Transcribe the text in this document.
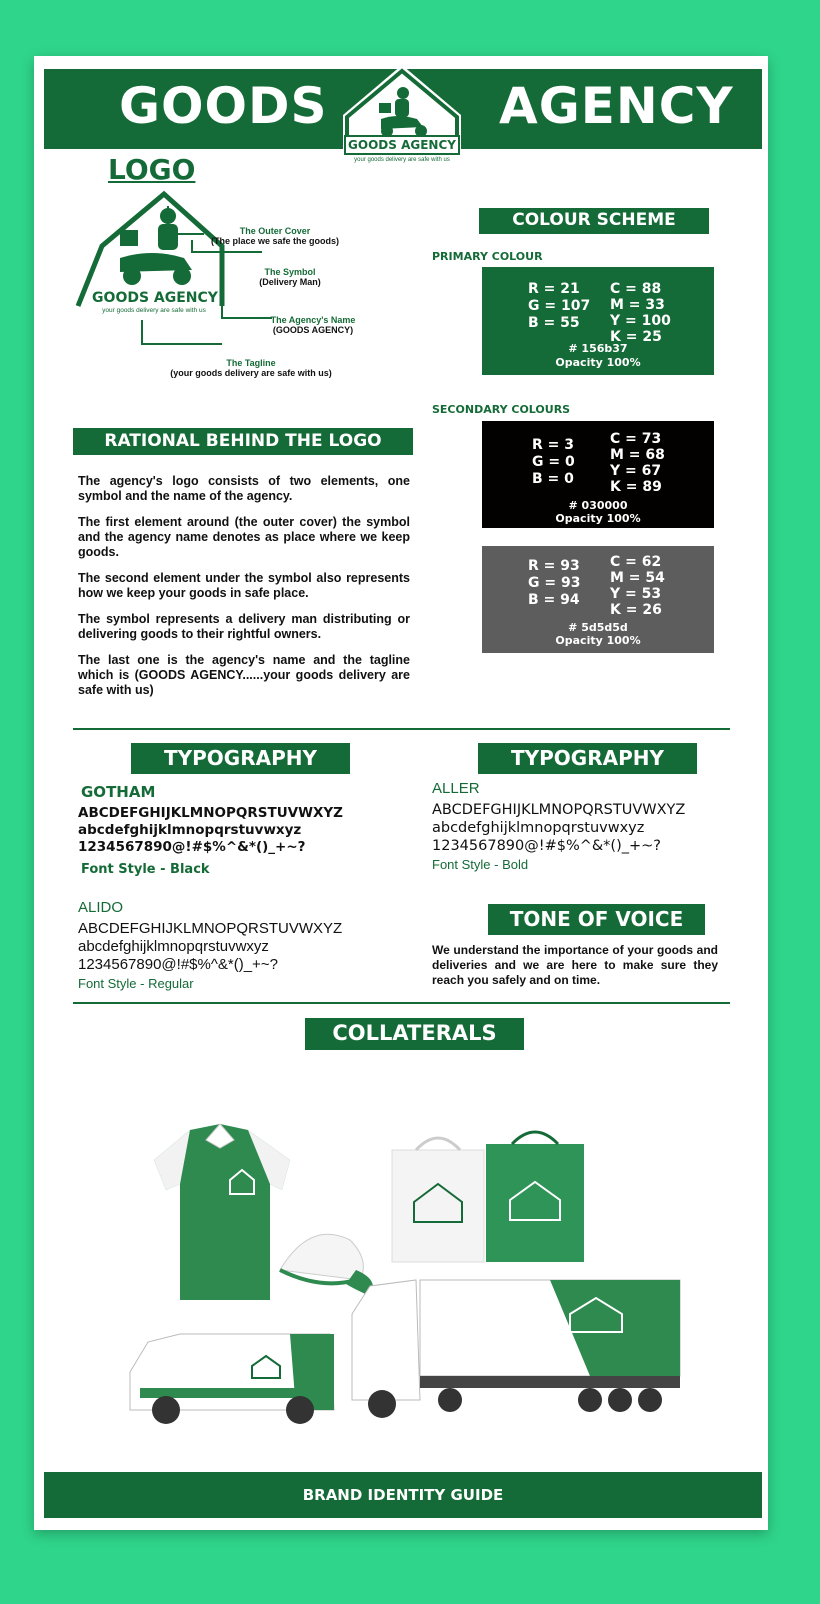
GOODS	AGENCY
GOODS AGENCY
your goods delivery are safe with us
LOGO
GOODS AGENCY
your goods delivery are safe with us
The Outer Cover
(The place we safe the goods)
The Symbol
(Delivery Man)
The Agency's Name
(GOODS AGENCY)
The Tagline
(your goods delivery are safe with us)
COLOUR SCHEME
PRIMARY COLOUR
R = 21
G = 107
B = 55
C = 88
M = 33
Y = 100
K = 25
# 156b37
Opacity 100%
SECONDARY COLOURS
R = 3
G = 0
B = 0
C = 73
M = 68
Y = 67
K = 89
# 030000
Opacity 100%
R = 93
G = 93
B = 94
C = 62
M = 54
Y = 53
K = 26
# 5d5d5d
Opacity 100%
RATIONAL BEHIND THE LOGO

The agency's logo consists of two elements, one symbol and the name of the agency.

The first element around (the outer cover) the symbol and the agency name denotes as place where we keep goods.

The second element under the symbol also represents how we keep your goods in safe place.

The symbol represents a delivery man distributing or delivering goods to their rightful owners.

The last one is the agency's name and the tagline which is (GOODS AGENCY......your goods delivery are safe with us)

TYPOGRAPHY
GOTHAM
ABCDEFGHIJKLMNOPQRSTUVWXYZ
abcdefghijklmnopqrstuvwxyz
1234567890@!#$%^&*()_+~?
Font Style - Black
ALIDO
ABCDEFGHIJKLMNOPQRSTUVWXYZ
abcdefghijklmnopqrstuvwxyz
1234567890@!#$%^&*()_+~?
Font Style - Regular
TYPOGRAPHY
ALLER
ABCDEFGHIJKLMNOPQRSTUVWXYZ
abcdefghijklmnopqrstuvwxyz
1234567890@!#$%^&*()_+~?
Font Style - Bold
TONE OF VOICE
We understand the importance of your goods and deliveries and we are here to make sure they reach you safely and on time.
COLLATERALS
BRAND IDENTITY GUIDE
